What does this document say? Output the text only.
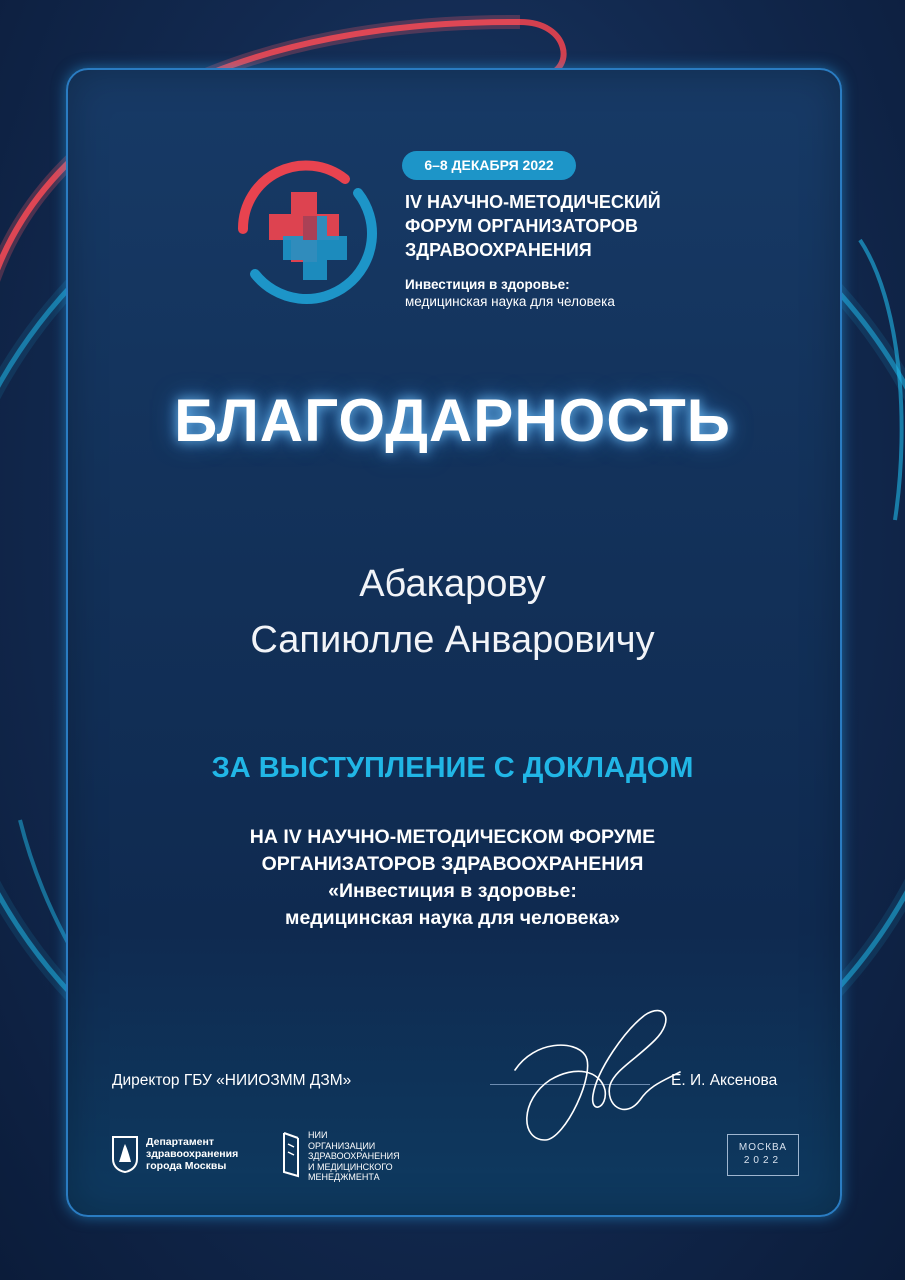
6–8 ДЕКАБРЯ 2022
IV НАУЧНО-МЕТОДИЧЕСКИЙ
ФОРУМ ОРГАНИЗАТОРОВ
ЗДРАВООХРАНЕНИЯ
Инвестиция в здоровье:
медицинская наука для человека
БЛАГОДАРНОСТЬ
Абакарову
Сапиюлле Анваровичу
ЗА ВЫСТУПЛЕНИЕ С ДОКЛАДОМ
НА IV НАУЧНО-МЕТОДИЧЕСКОМ ФОРУМЕ
ОРГАНИЗАТОРОВ ЗДРАВООХРАНЕНИЯ
«Инвестиция в здоровье:
медицинская наука для человека»
Директор ГБУ «НИИОЗММ ДЗМ»	Е. И. Аксенова
Департамент
здравоохранения
города Москвы
НИИ
ОРГАНИЗАЦИИ
ЗДРАВООХРАНЕНИЯ
И МЕДИЦИНСКОГО
МЕНЕДЖМЕНТА
МОСКВА
2022
